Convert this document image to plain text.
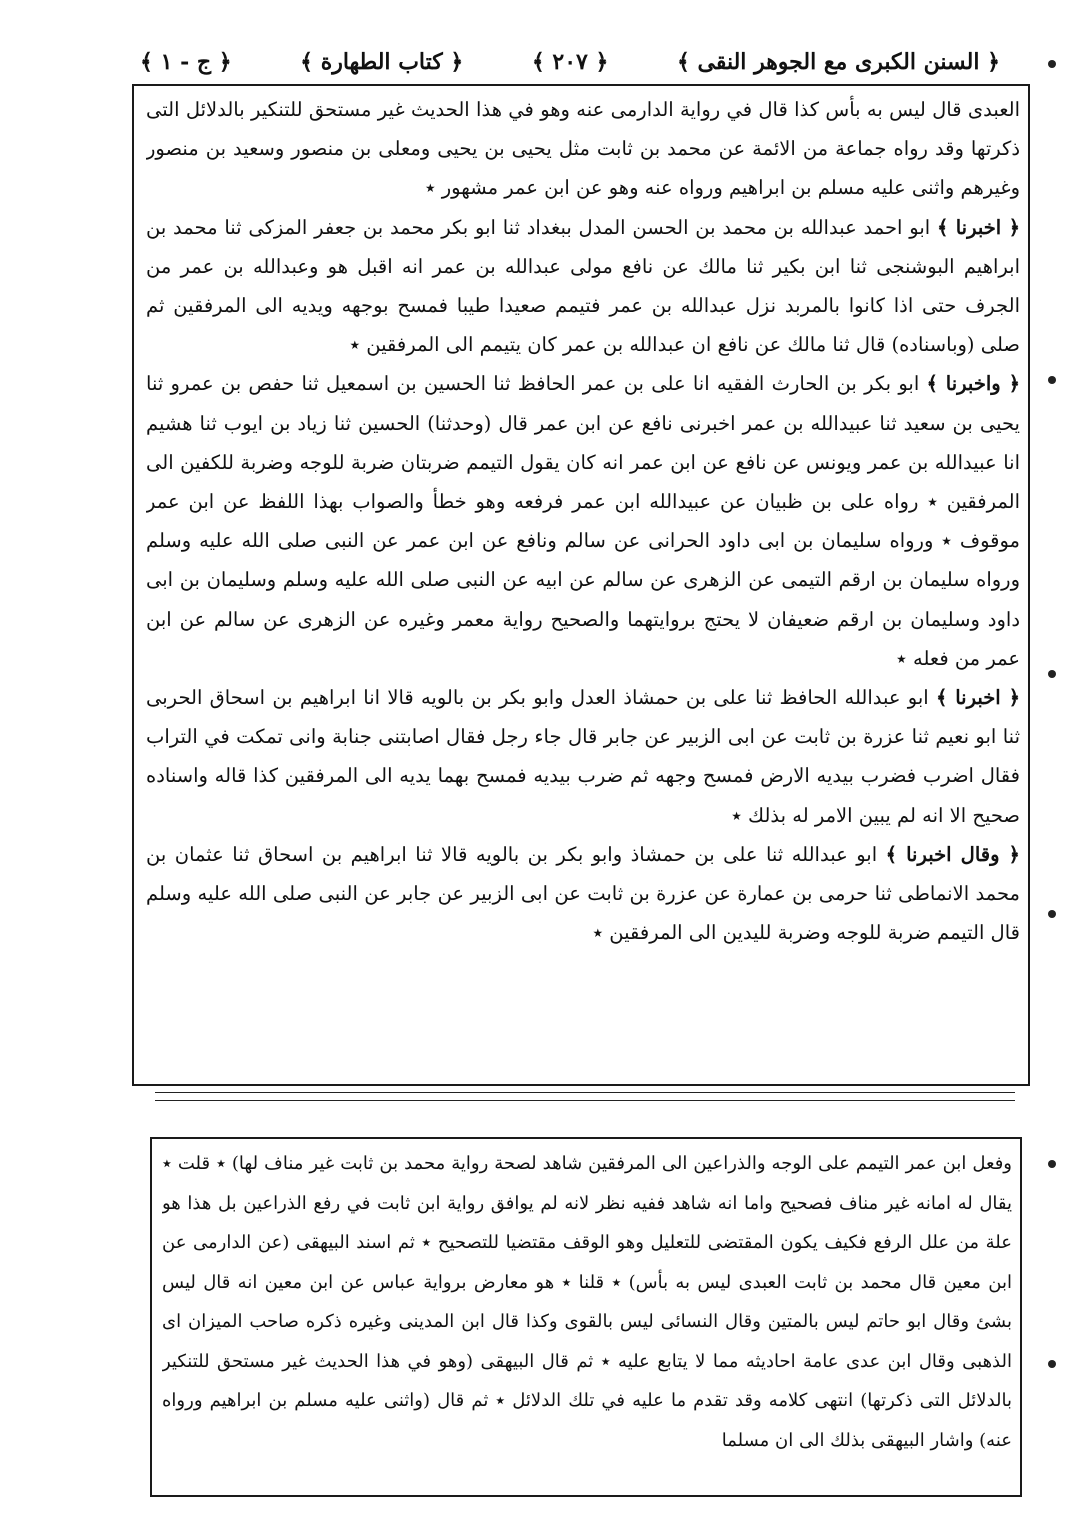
﴿ السنن الكبرى مع الجوهر النقى ﴾
﴿ ٢٠٧ ﴾
﴿ كتاب الطهارة ﴾
﴿ ج - ١ ﴾

العبدى قال ليس به بأس كذا قال في رواية الدارمى عنه وهو في هذا الحديث غير مستحق للتنكير بالدلائل التى ذكرتها وقد رواه جماعة من الائمة عن محمد بن ثابت مثل يحيى بن يحيى ومعلى بن منصور وسعيد بن منصور وغيرهم واثنى عليه مسلم بن ابراهيم ورواه عنه وهو عن ابن عمر مشهور ٭

﴿ اخبرنا ﴾ ابو احمد عبدالله بن محمد بن الحسن المدل ببغداد ثنا ابو بكر محمد بن جعفر المزكى ثنا محمد بن ابراهيم البوشنجى ثنا ابن بكير ثنا مالك عن نافع مولى عبدالله بن عمر انه اقبل هو وعبدالله بن عمر من الجرف حتى اذا كانوا بالمربد نزل عبدالله بن عمر فتيمم صعيدا طيبا فمسح بوجهه ويديه الى المرفقين ثم صلى (وباسناده) قال ثنا مالك عن نافع ان عبدالله بن عمر كان يتيمم الى المرفقين ٭

﴿ واخبرنا ﴾ ابو بكر بن الحارث الفقيه انا على بن عمر الحافظ ثنا الحسين بن اسمعيل ثنا حفص بن عمرو ثنا يحيى بن سعيد ثنا عبيدالله بن عمر اخبرنى نافع عن ابن عمر قال (وحدثنا) الحسين ثنا زياد بن ايوب ثنا هشيم انا عبيدالله بن عمر ويونس عن نافع عن ابن عمر انه كان يقول التيمم ضربتان ضربة للوجه وضربة للكفين الى المرفقين ٭ رواه على بن ظبيان عن عبيدالله ابن عمر فرفعه وهو خطأ والصواب بهذا اللفظ عن ابن عمر موقوف ٭ ورواه سليمان بن ابى داود الحرانى عن سالم ونافع عن ابن عمر عن النبى صلى الله عليه وسلم ورواه سليمان بن ارقم التيمى عن الزهرى عن سالم عن ابيه عن النبى صلى الله عليه وسلم وسليمان بن ابى داود وسليمان بن ارقم ضعيفان لا يحتج بروايتهما والصحيح رواية معمر وغيره عن الزهرى عن سالم عن ابن عمر من فعله ٭

﴿ اخبرنا ﴾ ابو عبدالله الحافظ ثنا على بن حمشاذ العدل وابو بكر بن بالويه قالا انا ابراهيم بن اسحاق الحربى ثنا ابو نعيم ثنا عزرة بن ثابت عن ابى الزبير عن جابر قال جاء رجل فقال اصابتنى جنابة وانى تمكت في التراب فقال اضرب فضرب بيديه الارض فمسح وجهه ثم ضرب بيديه فمسح بهما يديه الى المرفقين كذا قاله واسناده صحيح الا انه لم يبين الامر له بذلك ٭

﴿ وقال اخبرنا ﴾ ابو عبدالله ثنا على بن حمشاذ وابو بكر بن بالويه قالا ثنا ابراهيم بن اسحاق ثنا عثمان بن محمد الانماطى ثنا حرمى بن عمارة عن عزرة بن ثابت عن ابى الزبير عن جابر عن النبى صلى الله عليه وسلم قال التيمم ضربة للوجه وضربة لليدين الى المرفقين ٭

وفعل ابن عمر التيمم على الوجه والذراعين الى المرفقين شاهد لصحة رواية محمد بن ثابت غير مناف لها) ٭ قلت ٭ يقال له امانه غير مناف فصحيح واما انه شاهد ففيه نظر لانه لم يوافق رواية ابن ثابت في رفع الذراعين بل هذا هو علة من علل الرفع فكيف يكون المقتضى للتعليل وهو الوقف مقتضيا للتصحيح ٭ ثم اسند البيهقى (عن الدارمى عن ابن معين قال محمد بن ثابت العبدى ليس به بأس) ٭ قلنا ٭ هو معارض برواية عباس عن ابن معين انه قال ليس بشئ وقال ابو حاتم ليس بالمتين وقال النسائى ليس بالقوى وكذا قال ابن المدينى وغيره ذكره صاحب الميزان اى الذهبى وقال ابن عدى عامة احاديثه مما لا يتابع عليه ٭ ثم قال البيهقى (وهو في هذا الحديث غير مستحق للتنكير بالدلائل التى ذكرتها) انتهى كلامه وقد تقدم ما عليه في تلك الدلائل ٭ ثم قال (واثنى عليه مسلم بن ابراهيم ورواه عنه) واشار البيهقى بذلك الى ان مسلما
